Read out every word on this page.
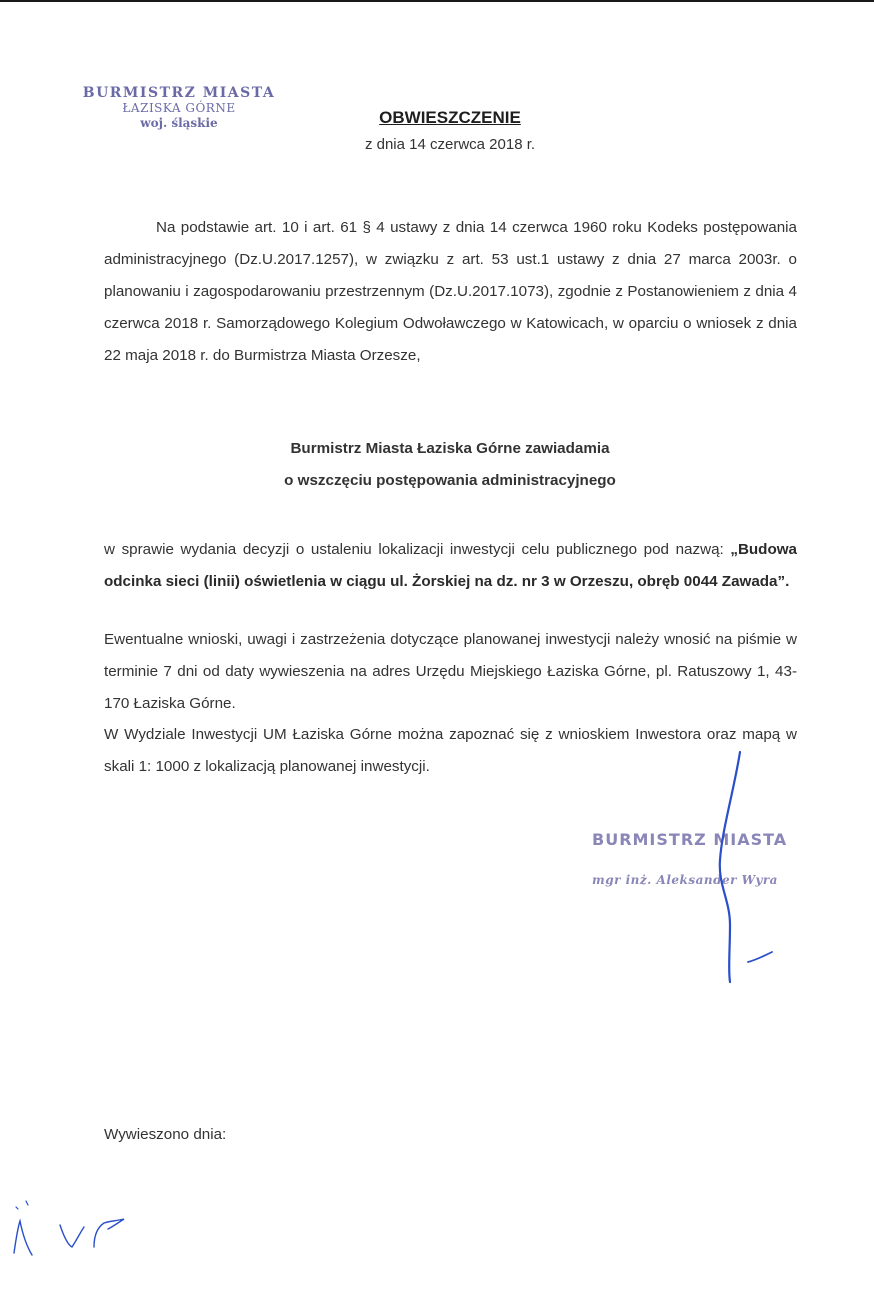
BURMISTRZ MIASTA
ŁAZISKA GÓRNE
woj. śląskie	OBWIESZCZENIE
z dnia 14 czerwca 2018 r.

Na podstawie art. 10 i art. 61 § 4 ustawy z dnia 14 czerwca 1960 roku Kodeks postępowania administracyjnego (Dz.U.2017.1257), w związku z art. 53 ust.1 ustawy z dnia 27 marca 2003r. o planowaniu i zagospodarowaniu przestrzennym (Dz.U.2017.1073), zgodnie z Postanowieniem z dnia 4 czerwca 2018 r. Samorządowego Kolegium Odwoławczego w Katowicach, w oparciu o wniosek z dnia 22 maja 2018 r. do Burmistrza Miasta Orzesze,

Burmistrz Miasta Łaziska Górne zawiadamia
o wszczęciu postępowania administracyjnego

w sprawie wydania decyzji o ustaleniu lokalizacji inwestycji celu publicznego pod nazwą: „Budowa odcinka sieci (linii) oświetlenia w ciągu ul. Żorskiej na dz. nr 3 w Orzeszu, obręb 0044 Zawada”.

Ewentualne wnioski, uwagi i zastrzeżenia dotyczące planowanej inwestycji należy wnosić na piśmie w terminie 7 dni od daty wywieszenia na adres Urzędu Miejskiego Łaziska Górne, pl. Ratuszowy 1, 43-170 Łaziska Górne.

W Wydziale Inwestycji UM Łaziska Górne można zapoznać się z wnioskiem Inwestora oraz mapą w skali 1: 1000 z lokalizacją planowanej inwestycji.

BURMISTRZ MIASTA
mgr inż. Aleksander Wyra
Wywieszono dnia:
